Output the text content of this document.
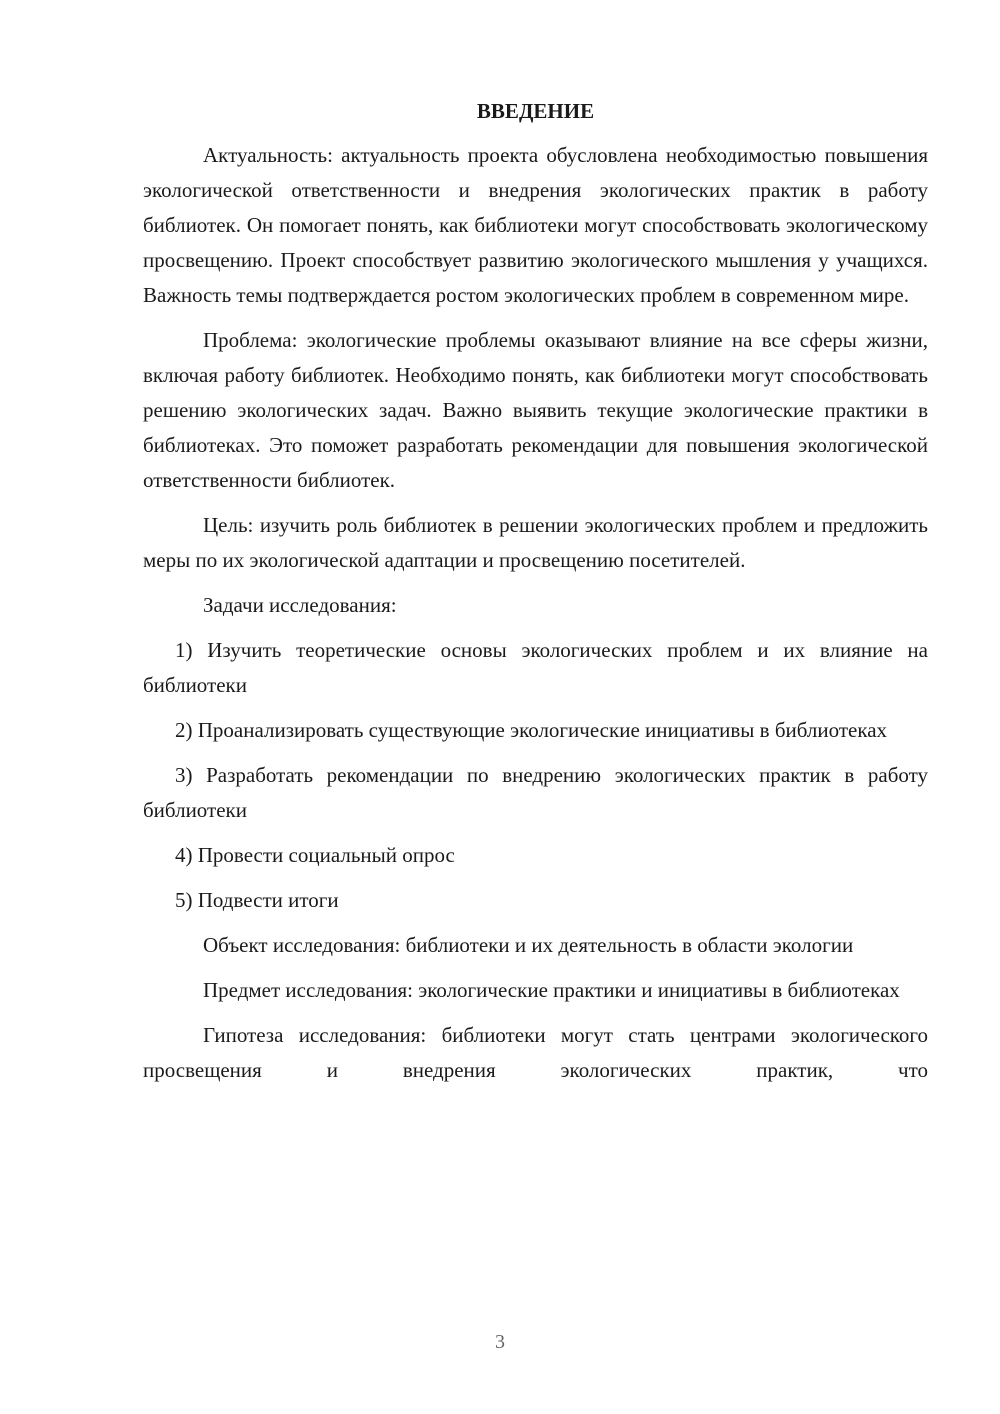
ВВЕДЕНИЕ

Актуальность: актуальность проекта обусловлена необходимостью повышения экологической ответственности и внедрения экологических практик в работу библиотек. Он помогает понять, как библиотеки могут способствовать экологическому просвещению. Проект способствует развитию экологического мышления у учащихся. Важность темы подтверждается ростом экологических проблем в современном мире.

Проблема: экологические проблемы оказывают влияние на все сферы жизни, включая работу библиотек. Необходимо понять, как библиотеки могут способствовать решению экологических задач. Важно выявить текущие экологические практики в библиотеках. Это поможет разработать рекомендации для повышения экологической ответственности библиотек.

Цель: изучить роль библиотек в решении экологических проблем и предложить меры по их экологической адаптации и просвещению посетителей.

Задачи исследования:

1) Изучить теоретические основы экологических проблем и их влияние на библиотеки

2) Проанализировать существующие экологические инициативы в библиотеках

3) Разработать рекомендации по внедрению экологических практик в работу библиотеки

4) Провести социальный опрос

5) Подвести итоги

Объект исследования: библиотеки и их деятельность в области экологии

Предмет исследования: экологические практики и инициативы в библиотеках

Гипотеза исследования: библиотеки могут стать центрами экологического просвещения и внедрения экологических практик, что

3
